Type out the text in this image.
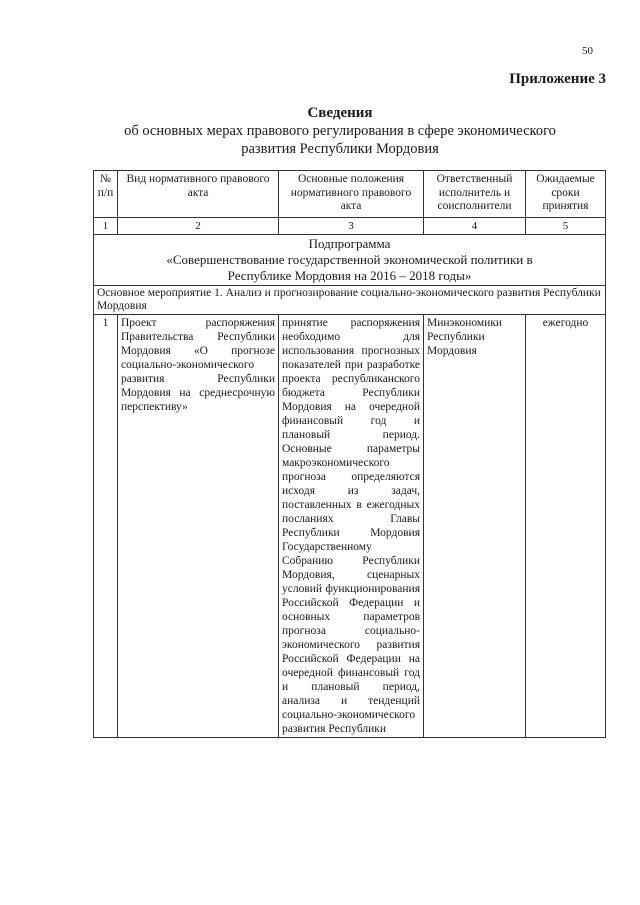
50
Приложение 3
Сведения
об основных мерах правового регулирования в сфере экономического
развития Республики Мордовия
№ п/п	Вид нормативного правового акта	Основные положения нормативного правового акта	Ответственный исполнитель и соисполнители	Ожидаемые сроки принятия
1	2	3	4	5

Подпрограмма
«Совершенствование государственной экономической политики в
Республике Мордовия на 2016 – 2018 годы»				

Основное мероприятие 1. Анализ и прогнозирование социально-экономического развития Республики Мордовия				
1	Проект распоряжения Правительства Республики Мордовия «О прогнозе социально-экономического развития Республики Мордовия на среднесрочную перспективу»	принятие распоряжения необходимо для использования прогнозных показателей при разработке проекта республиканского бюджета Республики Мордовия на очередной финансовый год и плановый период. Основные параметры макроэкономического прогноза определяются исходя из задач, поставленных в ежегодных посланиях Главы Республики Мордовия Государственному Собранию Республики Мордовия, сценарных условий функционирования Российской Федерации и основных параметров прогноза социально-экономического развития Российской Федерации на очередной финансовый год и плановый период, анализа и тенденций социально-экономического развития Республики	Минэкономики Республики Мордовия	ежегодно
